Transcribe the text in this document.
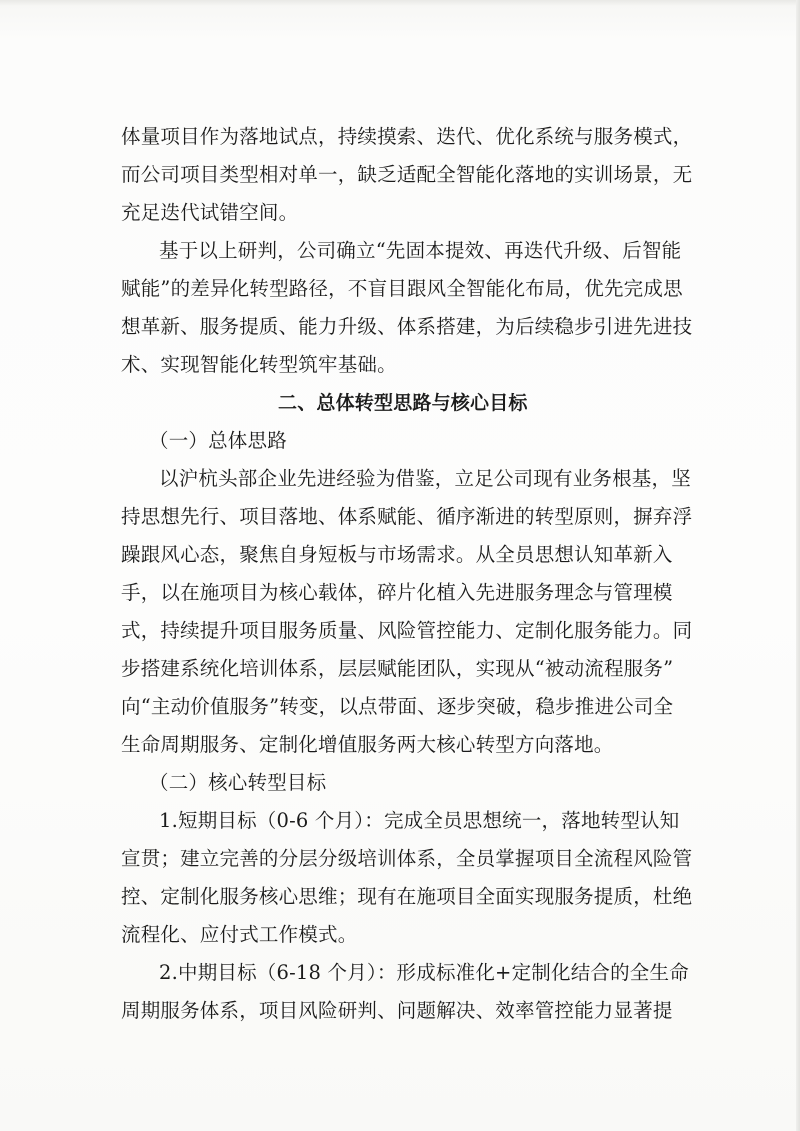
体量项目作为落地试点，持续摸索、迭代、优化系统与服务模式，
而公司项目类型相对单一，缺乏适配全智能化落地的实训场景，无
充足迭代试错空间。
基于以上研判，公司确立“先固本提效、再迭代升级、后智能
赋能”的差异化转型路径，不盲目跟风全智能化布局，优先完成思
想革新、服务提质、能力升级、体系搭建，为后续稳步引进先进技
术、实现智能化转型筑牢基础。
二、总体转型思路与核心目标
（一）总体思路
以沪杭头部企业先进经验为借鉴，立足公司现有业务根基，坚
持思想先行、项目落地、体系赋能、循序渐进的转型原则，摒弃浮
躁跟风心态，聚焦自身短板与市场需求。从全员思想认知革新入
手，以在施项目为核心载体，碎片化植入先进服务理念与管理模
式，持续提升项目服务质量、风险管控能力、定制化服务能力。同
步搭建系统化培训体系，层层赋能团队，实现从“被动流程服务”
向“主动价值服务”转变，以点带面、逐步突破，稳步推进公司全
生命周期服务、定制化增值服务两大核心转型方向落地。
（二）核心转型目标
1.短期目标（0-6 个月）：完成全员思想统一，落地转型认知
宣贯；建立完善的分层分级培训体系，全员掌握项目全流程风险管
控、定制化服务核心思维；现有在施项目全面实现服务提质，杜绝
流程化、应付式工作模式。
2.中期目标（6-18 个月）：形成标准化+定制化结合的全生命
周期服务体系，项目风险研判、问题解决、效率管控能力显著提
